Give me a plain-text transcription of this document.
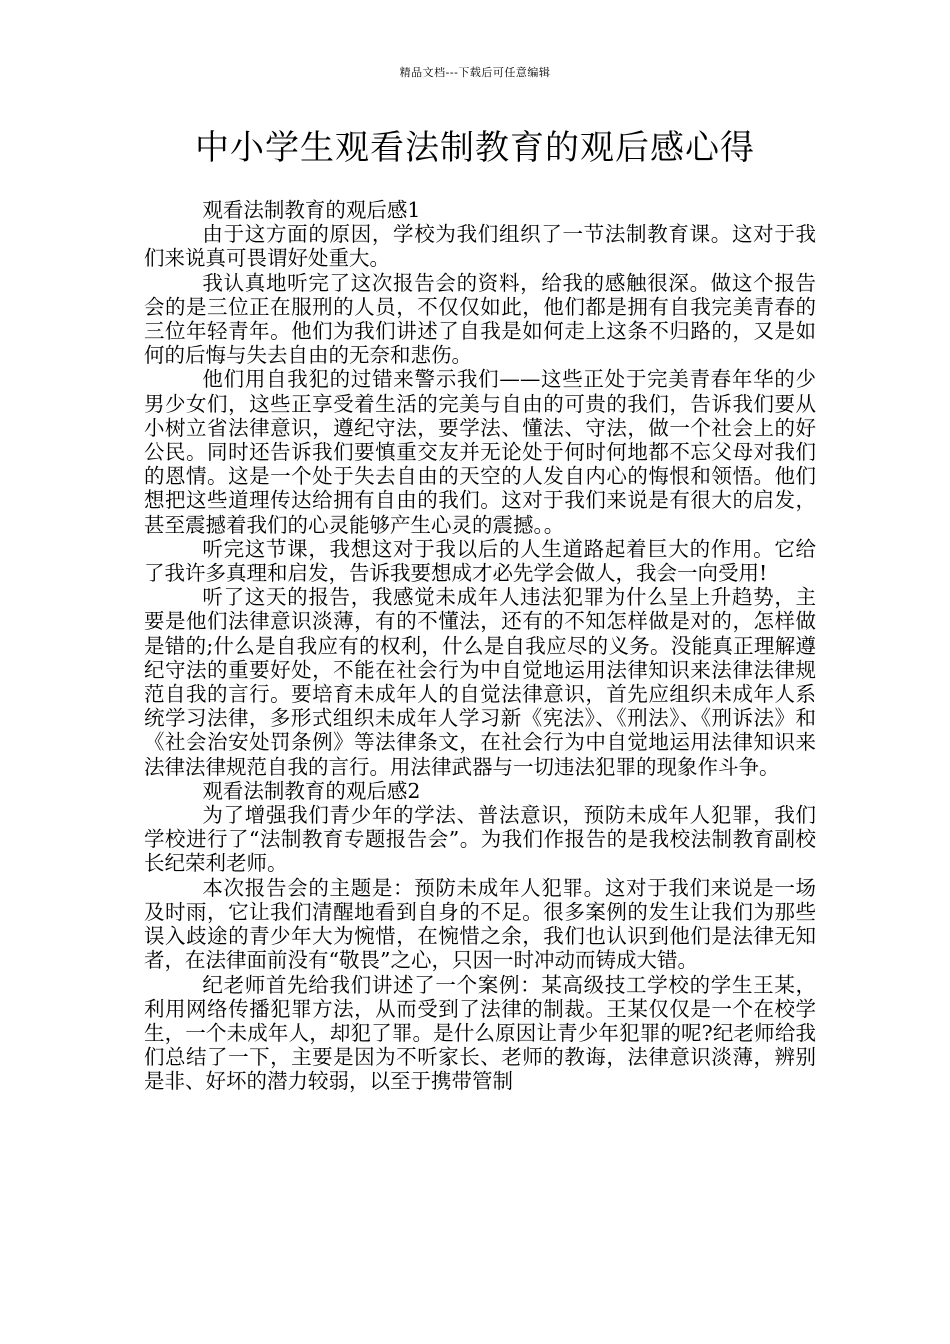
精品文档---下载后可任意编辑
中小学生观看法制教育的观后感心得

观看法制教育的观后感1

由于这方面的原因，学校为我们组织了一节法制教育课。这对于我们来说真可畏谓好处重大。

我认真地听完了这次报告会的资料，给我的感触很深。做这个报告会的是三位正在服刑的人员，不仅仅如此，他们都是拥有自我完美青春的三位年轻青年。他们为我们讲述了自我是如何走上这条不归路的，又是如何的后悔与失去自由的无奈和悲伤。

他们用自我犯的过错来警示我们——这些正处于完美青春年华的少男少女们，这些正享受着生活的完美与自由的可贵的我们，告诉我们要从小树立省法律意识，遵纪守法，要学法、懂法、守法，做一个社会上的好公民。同时还告诉我们要慎重交友并无论处于何时何地都不忘父母对我们的恩情。这是一个处于失去自由的天空的人发自内心的悔恨和领悟。他们想把这些道理传达给拥有自由的我们。这对于我们来说是有很大的启发，甚至震撼着我们的心灵能够产生心灵的震撼。。

听完这节课，我想这对于我以后的人生道路起着巨大的作用。它给了我许多真理和启发，告诉我要想成才必先学会做人，我会一向受用!

听了这天的报告，我感觉未成年人违法犯罪为什么呈上升趋势，主要是他们法律意识淡薄，有的不懂法，还有的不知怎样做是对的，怎样做是错的;什么是自我应有的权利，什么是自我应尽的义务。没能真正理解遵纪守法的重要好处，不能在社会行为中自觉地运用法律知识来法律法律规范自我的言行。要培育未成年人的自觉法律意识，首先应组织未成年人系统学习法律，多形式组织未成年人学习新《宪法》、《刑法》、《刑诉法》和《社会治安处罚条例》等法律条文，在社会行为中自觉地运用法律知识来法律法律规范自我的言行。用法律武器与一切违法犯罪的现象作斗争。

观看法制教育的观后感2

为了增强我们青少年的学法、普法意识，预防未成年人犯罪，我们学校进行了“法制教育专题报告会”。为我们作报告的是我校法制教育副校长纪荣利老师。

本次报告会的主题是：预防未成年人犯罪。这对于我们来说是一场及时雨，它让我们清醒地看到自身的不足。很多案例的发生让我们为那些误入歧途的青少年大为惋惜，在惋惜之余，我们也认识到他们是法律无知者，在法律面前没有“敬畏”之心，只因一时冲动而铸成大错。

纪老师首先给我们讲述了一个案例：某高级技工学校的学生王某，利用网络传播犯罪方法，从而受到了法律的制裁。王某仅仅是一个在校学生，一个未成年人，却犯了罪。是什么原因让青少年犯罪的呢?纪老师给我们总结了一下，主要是因为不听家长、老师的教诲，法律意识淡薄，辨别是非、好坏的潜力较弱，以至于携带管制
